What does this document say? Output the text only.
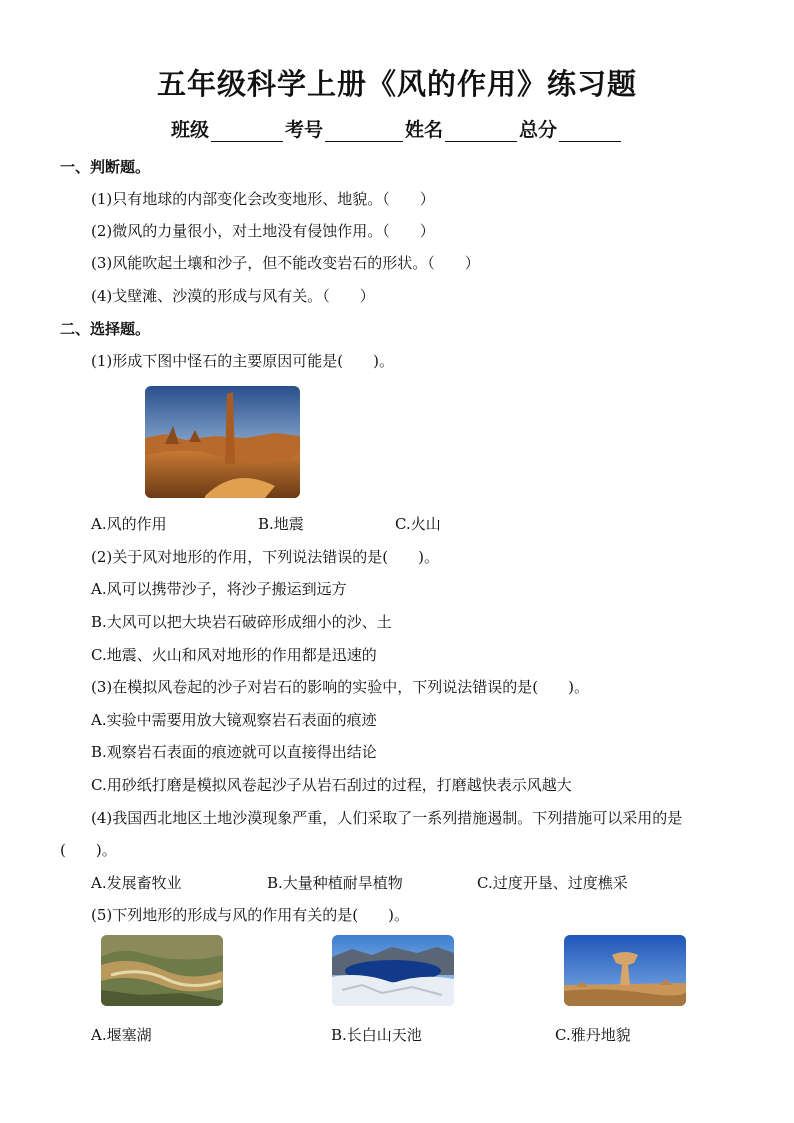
五年级科学上册《风的作用》练习题
班级	考号	姓名	总分
一、判断题。
(1)只有地球的内部变化会改变地形、地貌。（　　）
(2)微风的力量很小，对土地没有侵蚀作用。（　　）
(3)风能吹起土壤和沙子，但不能改变岩石的形状。（　　）
(4)戈壁滩、沙漠的形成与风有关。（　　）
二、选择题。
(1)形成下图中怪石的主要原因可能是(　　)。
A.风的作用	B.地震	C.火山
(2)关于风对地形的作用，下列说法错误的是(　　)。
A.风可以携带沙子，将沙子搬运到远方
B.大风可以把大块岩石破碎形成细小的沙、土
C.地震、火山和风对地形的作用都是迅速的
(3)在模拟风卷起的沙子对岩石的影响的实验中，下列说法错误的是(　　)。
A.实验中需要用放大镜观察岩石表面的痕迹
B.观察岩石表面的痕迹就可以直接得出结论
C.用砂纸打磨是模拟风卷起沙子从岩石刮过的过程，打磨越快表示风越大
(4)我国西北地区土地沙漠现象严重，人们采取了一系列措施遏制。下列措施可以采用的是
(　　)。
A.发展畜牧业	B.大量种植耐旱植物	C.过度开垦、过度樵采
(5)下列地形的形成与风的作用有关的是(　　)。
A.堰塞湖	B.长白山天池	C.雅丹地貌
